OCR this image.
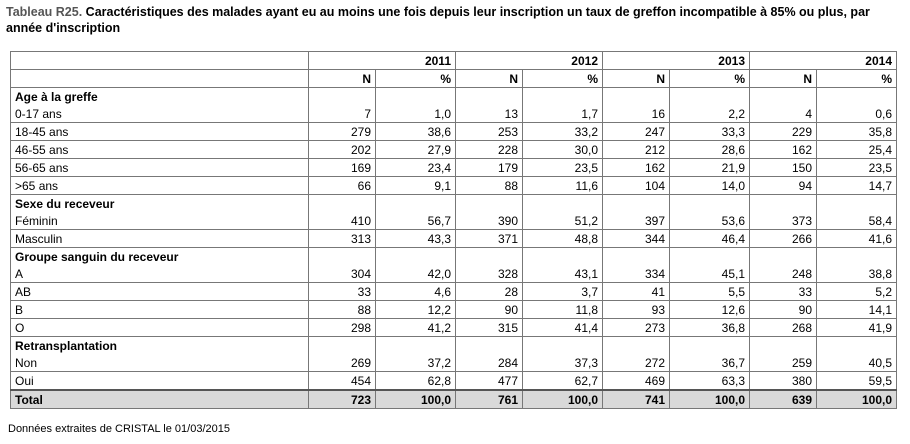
Tableau R25. Caractéristiques des malades ayant eu au moins une fois depuis leur inscription un taux de greffon incompatible à 85% ou plus, par année d'inscription
	2011		2012		2013		2014	
	N	%	N	%	N	%	N	%
Age à la greffe								
0-17 ans	7	1,0	13	1,7	16	2,2	4	0,6
18-45 ans	279	38,6	253	33,2	247	33,3	229	35,8
46-55 ans	202	27,9	228	30,0	212	28,6	162	25,4
56-65 ans	169	23,4	179	23,5	162	21,9	150	23,5
>65 ans	66	9,1	88	11,6	104	14,0	94	14,7
Sexe du receveur								
Féminin	410	56,7	390	51,2	397	53,6	373	58,4
Masculin	313	43,3	371	48,8	344	46,4	266	41,6
Groupe sanguin du receveur								
A	304	42,0	328	43,1	334	45,1	248	38,8
AB	33	4,6	28	3,7	41	5,5	33	5,2
B	88	12,2	90	11,8	93	12,6	90	14,1
O	298	41,2	315	41,4	273	36,8	268	41,9
Retransplantation								
Non	269	37,2	284	37,3	272	36,7	259	40,5
Oui	454	62,8	477	62,7	469	63,3	380	59,5
Total	723	100,0	761	100,0	741	100,0	639	100,0
Données extraites de CRISTAL le 01/03/2015
